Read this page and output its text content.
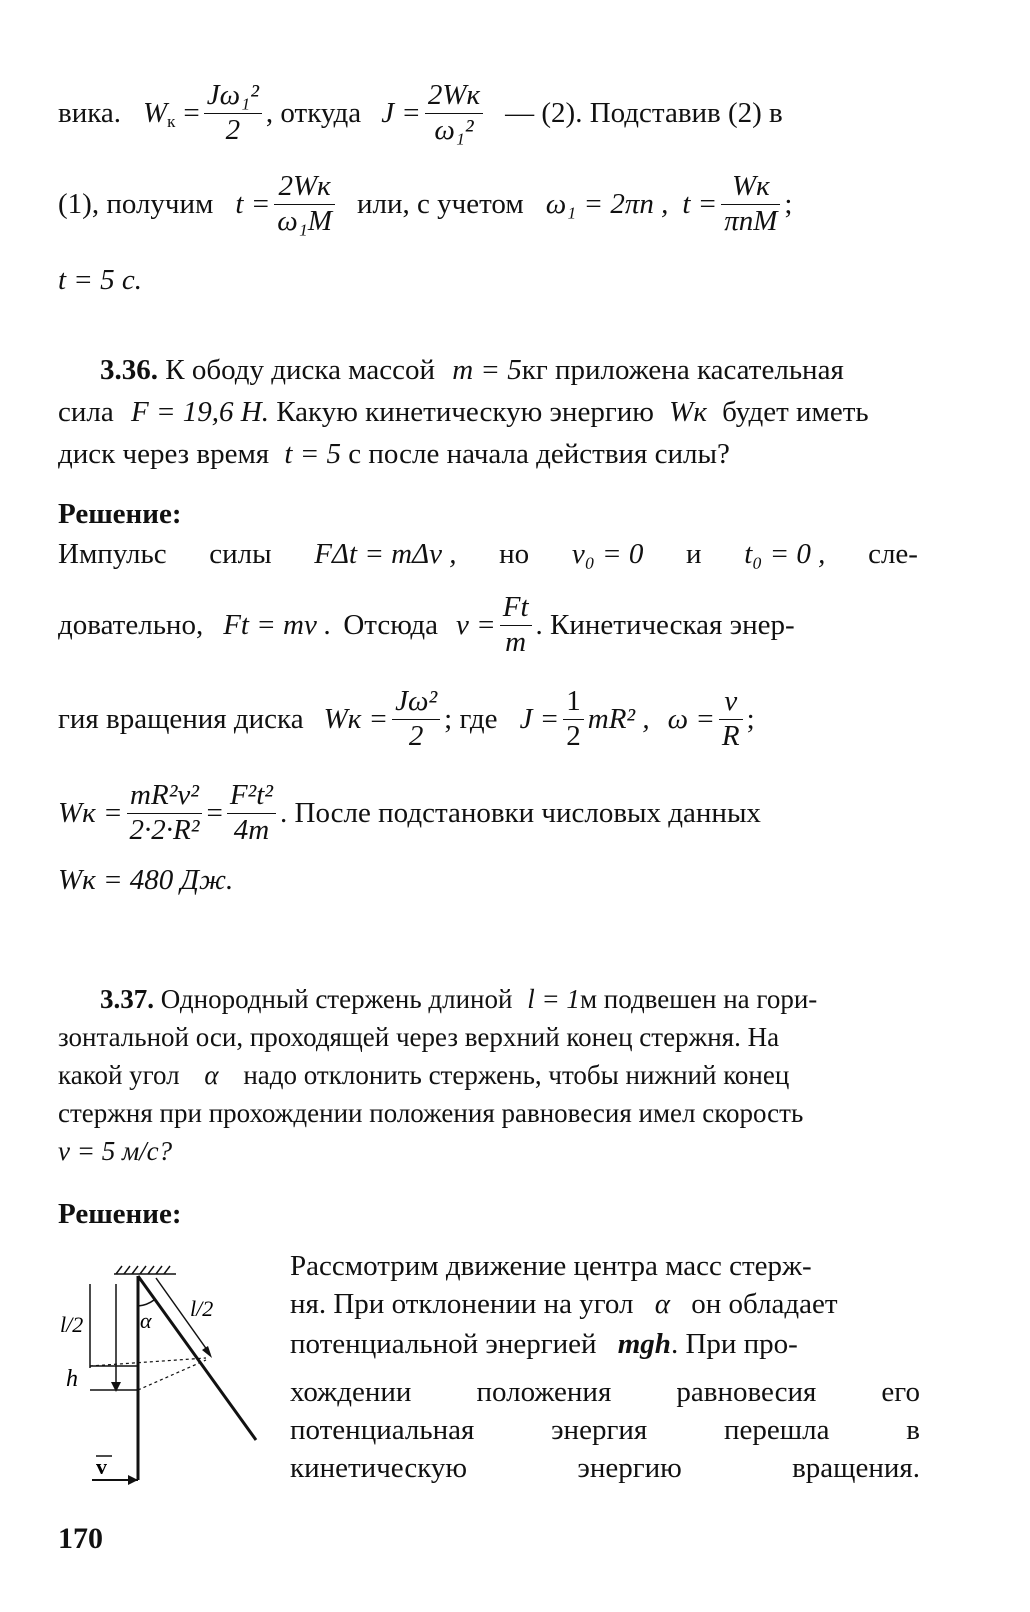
вика. W $к = \frac{\text{Jω₁²}}{2}$ , откуда $J = \frac{2Wк}{\text{ω₁²}}$ — (2). Подставив (2) в
(1), получим $t = \frac{2Wк}{\text{ω₁M}}$ или, с учетом ω₁ = 2πn , $t = \frac{Wк}{\text{πnM}}$ ;
t = 5 с.
3.36. К ободу диска массой m = 5кг приложена касательная
сила F = 19,6 Н. Какую кинетическую энергию Wк будет иметь
диск через время t = 5 с после начала действия силы?
Решение:
Импульс силы FΔt = mΔv , но v₀ = 0 и t₀ = 0 , сле-
довательно, Ft = mv . Отсюда $v = \frac{Ft}{m}$ . Кинетическая энер-
гия вращения диска Wк = $\frac{\text{Jω²}}{2}$ ; где $J = \frac{1}{2} mR^2$ , $\omega = \frac{v}{R}$ ;
Wк = $\frac{\text{mR²v²}}{\text{2·2·R²}} = \frac{\text{F²t²}}{4m}$ . После подстановки числовых данных
Wк = 480 Дж.
3.37. Однородный стержень длиной l = 1м подвешен на гори-
зонтальной оси, проходящей через верхний конец стержня. На
какой угол α надо отклонить стержень, чтобы нижний конец
стержня при прохождении положения равновесия имел скорость
v = 5 м/с?
Решение:
l/2
l/2
α
h
v
Рассмотрим движение центра масс стерж-
ня. При отклонении на угол α он обладает
потенциальной энергией mgh. При про-
хождении положения равновесия его
потенциальная	энергия	перешла	в
кинетическую	энергию	вращения.
170
